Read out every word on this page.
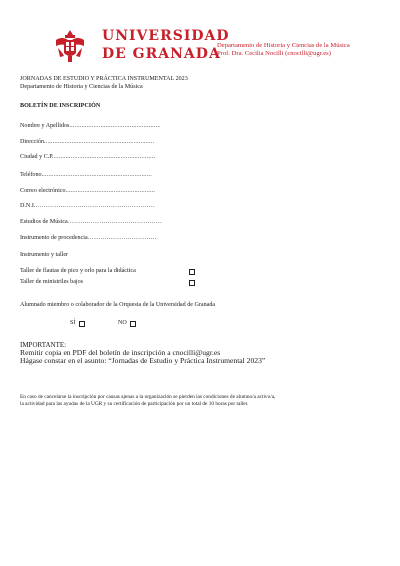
UNIVERSIDAD
DE GRANADA
Departamento de Historia y Ciencias de la Música
Prof. Dra. Cecilia Nocilli (cnocilli@ugr.es)
JORNADAS DE ESTUDIO Y PRÁCTICA INSTRUMENTAL 2023
Departamento de Historia y Ciencias de la Música
BOLETÍN DE INSCRIPCIÓN
Nombre y Apellidos .....................................................
Dirección ................................................................
Ciudad y C.P. ...........................................................
Teléfono ................................................................
Correo electrónico ....................................................
D.N.I. …………………………………………………
Estudios de Música ………………………………………
Instrumento de procedencia ……………………………
Instrumento y taller
Taller de flautas de pico y orlo para la didáctica
Taller de ministriles bajos
Alumnado miembro o colaborador de la Orquesta de la Universidad de Granada
SÍ	NO
IMPORTANTE:
Remitir copia en PDF del boletín de inscripción a cnocilli@ugr.es
Hágase constar en el asunto: “Jornadas de Estudio y Práctica Instrumental 2023”
En caso de cancelarse la inscripción por causas ajenas a la organización se pierden las condiciones de alumno/a activo/a,
la actividad para las ayudas de la UGR y su certificación de participación por un total de 10 horas por taller.
